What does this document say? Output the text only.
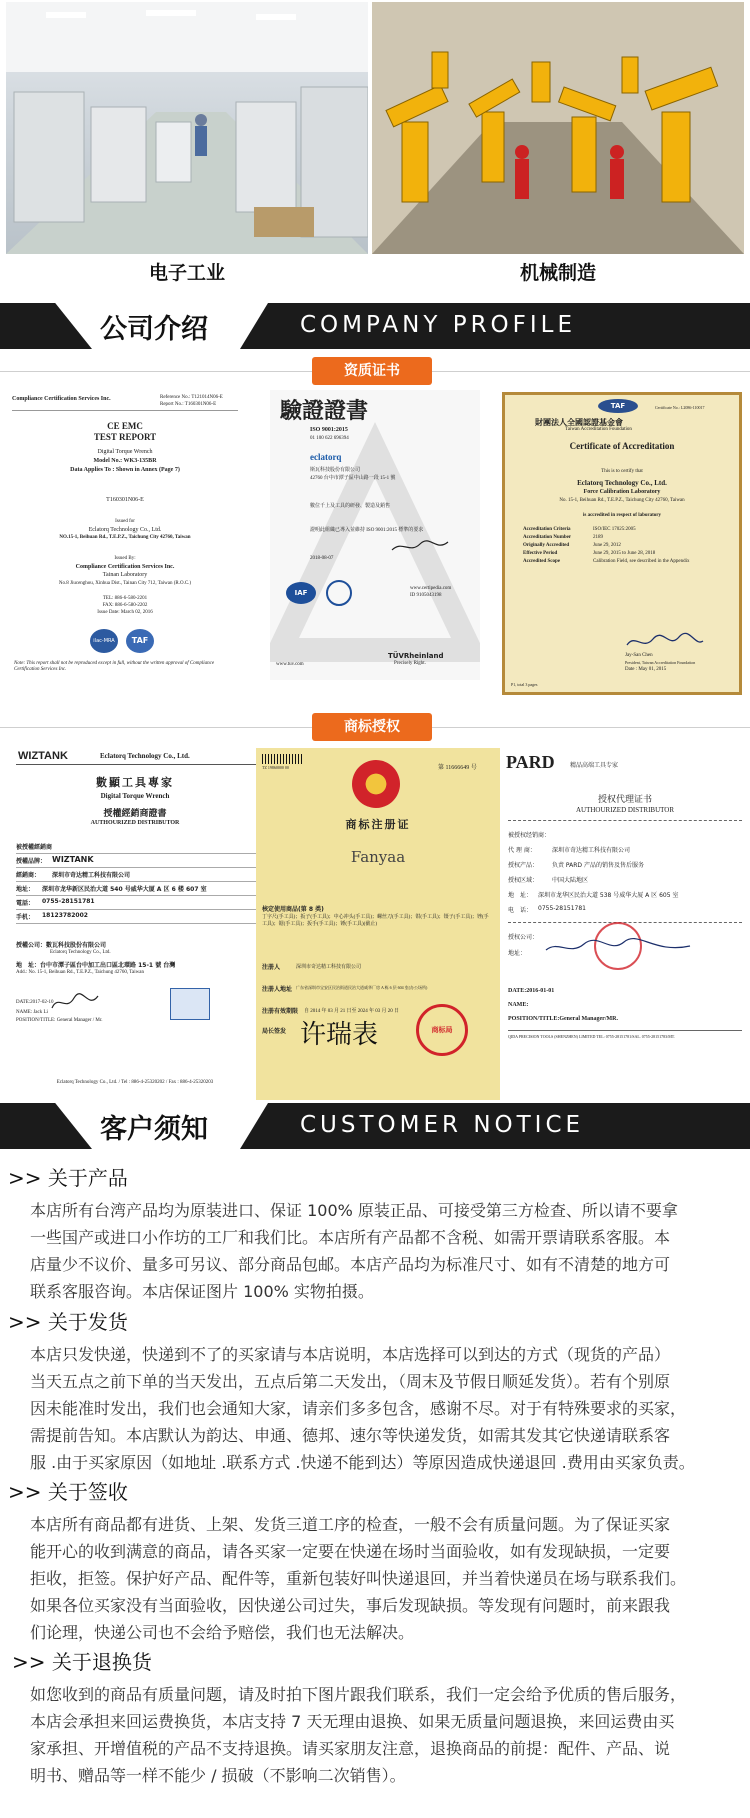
电子工业	机械制造
公司介绍	COMPANY PROFILE
资质证书
Compliance Certification Services Inc.	Reference No.: T121014N06-E
Report No.: T160301N06-E
CE EMC
TEST REPORT
Digital Torque Wrench
Model No.: WK3-135BR
Data Applies To : Shown in Annex (Page 7)
T160301N06-E
Issued for
Eclatorq Technology Co., Ltd.
NO.15-1, Beihuan Rd., T.E.P.Z., Taichung City 42760, Taiwan
Issued By:
Compliance Certification Services Inc.
Tainan Laboratory
No.8 Jiucenghou, Xinhua Dist., Tainan City 712, Taiwan (R.O.C.)
TEL: 886-6-580-2201
FAX: 886-6-580-2202
Issue Date: March 02, 2016
ilac-MRA	TAF
Note: This report shall not be reproduced except in full, without the written approval of Compliance Certification Services Inc.
驗證證書
ISO 9001:2015
01 100 622 696394
eclatorq
斯瓦科技股份有限公司
42760 台中市潭子區中山路一段 15-1 號
數位千上及工具的研發、製造及銷售
證明此組織已導入並維持 ISO 9001:2015 標準的要求
2018-08-07
IAF
www.certipedia.com
ID 9105043198
TÜVRheinland
Precisely Right.
www.tuv.com
TAF
財團法人全國認證基金會
Taiwan Accreditation Foundation
Certificate No.: L2086-110017
Certificate of Accreditation
This is to certify that
Eclatorq Technology Co., Ltd.
Force Calibration Laboratory
No. 15-1, Beihuan Rd., T.E.P.Z., Taichung City 42760, Taiwan
is accredited in respect of laboratory
Accreditation Criteria	ISO/IEC 17025:2005
Accreditation Number	2189
Originally Accredited	June 29, 2012
Effective Period	June 29, 2015 to June 28, 2018
Accredited Scope	Calibration Field, see described in the Appendix
Jay-San Chen
President, Taiwan Accreditation Foundation
Date : May 01, 2015
P1, total 3 pages
商标授权
WIZTANK	Eclatorq Technology Co., Ltd.
數顯工具專家
Digital Torque Wrench
授權經銷商證書
AUTHOURIZED DISTRIBUTOR
被授權經銷商
授權品牌： WIZTANK
經銷商： 深圳市奇达精工科技有限公司
地址： 深圳市龙华新区民治大道 540 号威华大厦 A 区 6 楼 607 室
電話： 0755-28151781
手机： 18123782002
授權公司：數瓦科技股份有限公司
Eclatorq Technology Co., Ltd.
地　址：台中市潭子區台中加工出口區北環路 15-1 號 台灣
Add.: No. 15-1, Beihuan Rd., T.E.P.Z., Taichung 42760, Taiwan
DATE:2017-02-10
NAME: Jack Li
POSITION/TITLE: General Manager / Mr.
Eclatorq Technology Co., Ltd. / Tel : 886-4-25320202 / Fax : 886-4-25320203
TZ 19860000 00	第 11666649 号
商标注册证
Fanyaa
核定使用商品(第 8 类)
丁字尺(手工具)；扳子(手工具)；中心冲头(手工具)；螺丝刀(手工具)；钳(手工具)；镊子(手工具)；锉(手工具)；锯(手工具)；扳手(手工具)；锤(手工具)(截止)
注册人	深圳市奇达精工科技有限公司
注册人地址 广东省深圳市宝安区民治街道民治大道威华厂房 A 栋 6 层 604 室(办公场所)
注册有效期限 自 2014 年 03 月 21 日至 2024 年 03 月 20 日
局长签发 许瑞表	商标局
PARD	精品高端工具专家
授权代理证书
AUTHOURIZED DISTRIBUTOR
被授权经销商：
代 理 商：	深圳市奇达精工科技有限公司
授权产品： 负责 PARD 产品的销售及售后服务
授权区域： 中国大陆地区
地　址： 深圳市龙华区民治大道 538 号威华大厦 A 区 605 室
电　话： 0755-28151781
授权公司：
地址：
DATE:2016-01-01
NAME:
POSITION/TITLE:General Manager/MR.
QIDA PRECISION TOOLS (SHENZHEN) LIMITED TEL: 0755-28151781/SAL. 0755-28151783/MT.
客户须知	CUSTOMER NOTICE
>> 关于产品
本店所有台湾产品均为原装进口、保证 100% 原装正品、可接受第三方检查、所以请不要拿
一些国产或进口小作坊的工厂和我们比。本店所有产品都不含税、如需开票请联系客服。本
店量少不议价、量多可另议、部分商品包邮。本店产品均为标准尺寸、如有不清楚的地方可
联系客服咨询。本店保证图片 100% 实物拍摄。
>> 关于发货
本店只发快递，快递到不了的买家请与本店说明，本店选择可以到达的方式（现货的产品）
当天五点之前下单的当天发出，五点后第二天发出，（周末及节假日顺延发货）。若有个别原
因未能准时发出，我们也会通知大家，请亲们多多包含，感谢不尽。对于有特殊要求的买家，
需提前告知。本店默认为韵达、申通、德邦、速尔等快递发货，如需其发其它快递请联系客
服 .由于买家原因（如地址 .联系方式 .快递不能到达）等原因造成快递退回 .费用由买家负责。
>> 关于签收
本店所有商品都有进货、上架、发货三道工序的检查，一般不会有质量问题。为了保证买家
能开心的收到满意的商品，请各买家一定要在快递在场时当面验收，如有发现缺损，一定要
拒收，拒签。保护好产品、配件等，重新包装好叫快递退回，并当着快递员在场与联系我们。
如果各位买家没有当面验收，因快递公司过失，事后发现缺损。等发现有问题时，前来跟我
们论理，快递公司也不会给予赔偿，我们也无法解决。
>> 关于退换货
如您收到的商品有质量问题，请及时拍下图片跟我们联系，我们一定会给予优质的售后服务，
本店会承担来回运费换货，本店支持 7 天无理由退换、如果无质量问题退换，来回运费由买
家承担、开增值税的产品不支持退换。请买家朋友注意，退换商品的前提：配件、产品、说
明书、赠品等一样不能少 / 损破（不影响二次销售）。
